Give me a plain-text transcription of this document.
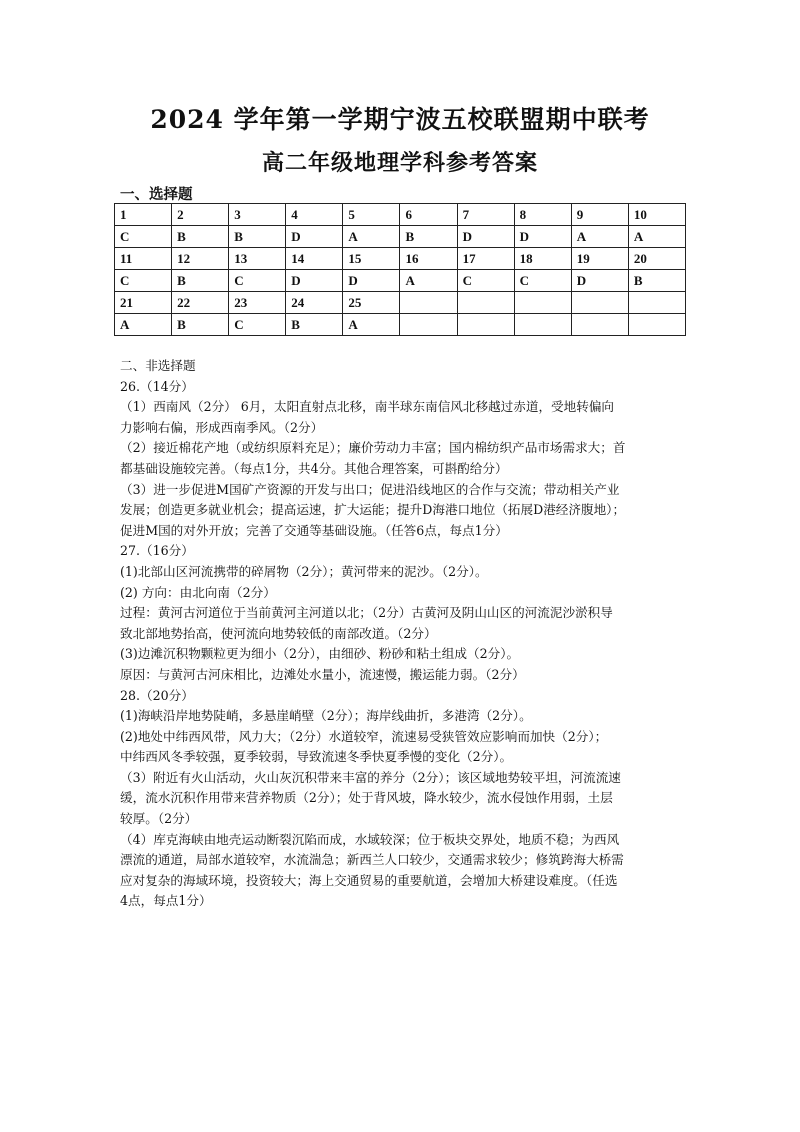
2024 学年第一学期宁波五校联盟期中联考
高二年级地理学科参考答案
一、选择题
1	2	3	4	5	6	7	8	9	10
C	B	B	D	A	B	D	D	A	A
11	12	13	14	15	16	17	18	19	20
C	B	C	D	D	A	C	C	D	B
21	22	23	24	25					
A	B	C	B	A					
二、非选择题
26.（14分）
（1）西南风（2分） 6月，太阳直射点北移，南半球东南信风北移越过赤道，受地转偏向
力影响右偏，形成西南季风。（2分）
（2）接近棉花产地（或纺织原料充足）；廉价劳动力丰富；国内棉纺织产品市场需求大；首
都基础设施较完善。（每点1分，共4分。其他合理答案，可斟酌给分）
（3）进一步促进M国矿产资源的开发与出口；促进沿线地区的合作与交流；带动相关产业
发展；创造更多就业机会；提高运速，扩大运能；提升D海港口地位（拓展D港经济腹地）；
促进M国的对外开放；完善了交通等基础设施。（任答6点，每点1分）
27.（16分）
(1)北部山区河流携带的碎屑物（2分）；黄河带来的泥沙。（2分）。
(2) 方向：由北向南（2分）
过程：黄河古河道位于当前黄河主河道以北；（2分）古黄河及阴山山区的河流泥沙淤积导
致北部地势抬高，使河流向地势较低的南部改道。（2分）
(3)边滩沉积物颗粒更为细小（2分），由细砂、粉砂和粘土组成（2分）。
原因：与黄河古河床相比，边滩处水量小，流速慢，搬运能力弱。（2分）
28.（20分）
(1)海峡沿岸地势陡峭，多悬崖峭壁（2分）；海岸线曲折，多港湾（2分）。
(2)地处中纬西风带，风力大；（2分）水道较窄，流速易受狭管效应影响而加快（2分）；
中纬西风冬季较强，夏季较弱，导致流速冬季快夏季慢的变化（2分）。
（3）附近有火山活动，火山灰沉积带来丰富的养分（2分）；该区域地势较平坦，河流流速
缓，流水沉积作用带来营养物质（2分）；处于背风坡，降水较少，流水侵蚀作用弱，土层
较厚。（2分）
（4）库克海峡由地壳运动断裂沉陷而成，水域较深；位于板块交界处，地质不稳；为西风
漂流的通道，局部水道较窄，水流湍急；新西兰人口较少，交通需求较少；修筑跨海大桥需
应对复杂的海域环境，投资较大；海上交通贸易的重要航道，会增加大桥建设难度。（任选
4点，每点1分）
